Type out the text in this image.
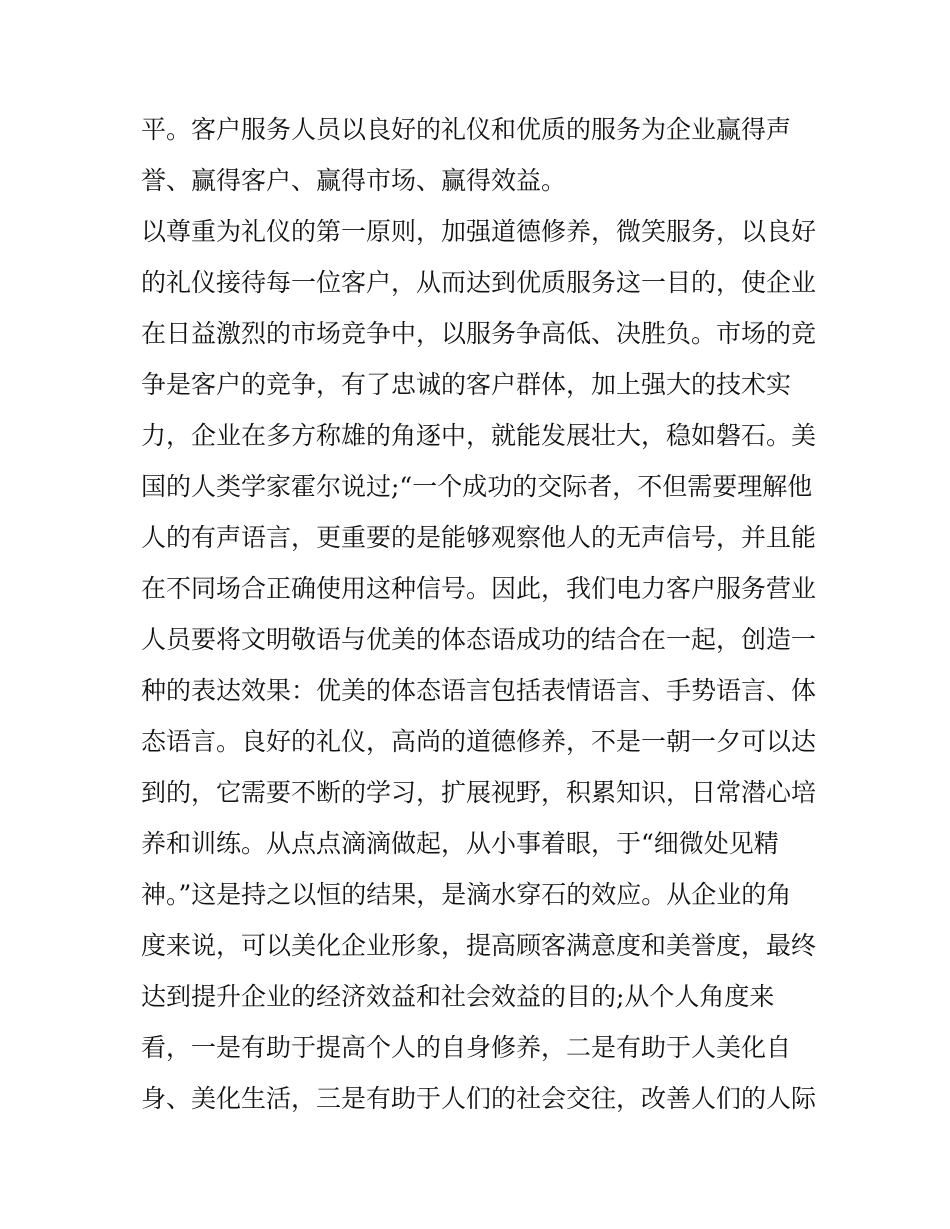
平。客户服务人员以良好的礼仪和优质的服务为企业赢得声
誉、赢得客户、赢得市场、赢得效益。
以尊重为礼仪的第一原则，加强道德修养，微笑服务，以良好
的礼仪接待每一位客户，从而达到优质服务这一目的，使企业
在日益激烈的市场竞争中，以服务争高低、决胜负。市场的竞
争是客户的竞争，有了忠诚的客户群体，加上强大的技术实
力，企业在多方称雄的角逐中，就能发展壮大，稳如磐石。美
国的人类学家霍尔说过;“一个成功的交际者，不但需要理解他
人的有声语言，更重要的是能够观察他人的无声信号，并且能
在不同场合正确使用这种信号。因此，我们电力客户服务营业
人员要将文明敬语与优美的体态语成功的结合在一起，创造一
种的表达效果：优美的体态语言包括表情语言、手势语言、体
态语言。良好的礼仪，高尚的道德修养，不是一朝一夕可以达
到的，它需要不断的学习，扩展视野，积累知识，日常潜心培
养和训练。从点点滴滴做起，从小事着眼，于“细微处见精
神。”这是持之以恒的结果，是滴水穿石的效应。从企业的角
度来说，可以美化企业形象，提高顾客满意度和美誉度，最终
达到提升企业的经济效益和社会效益的目的;从个人角度来
看，一是有助于提高个人的自身修养，二是有助于人美化自
身、美化生活，三是有助于人们的社会交往，改善人们的人际
